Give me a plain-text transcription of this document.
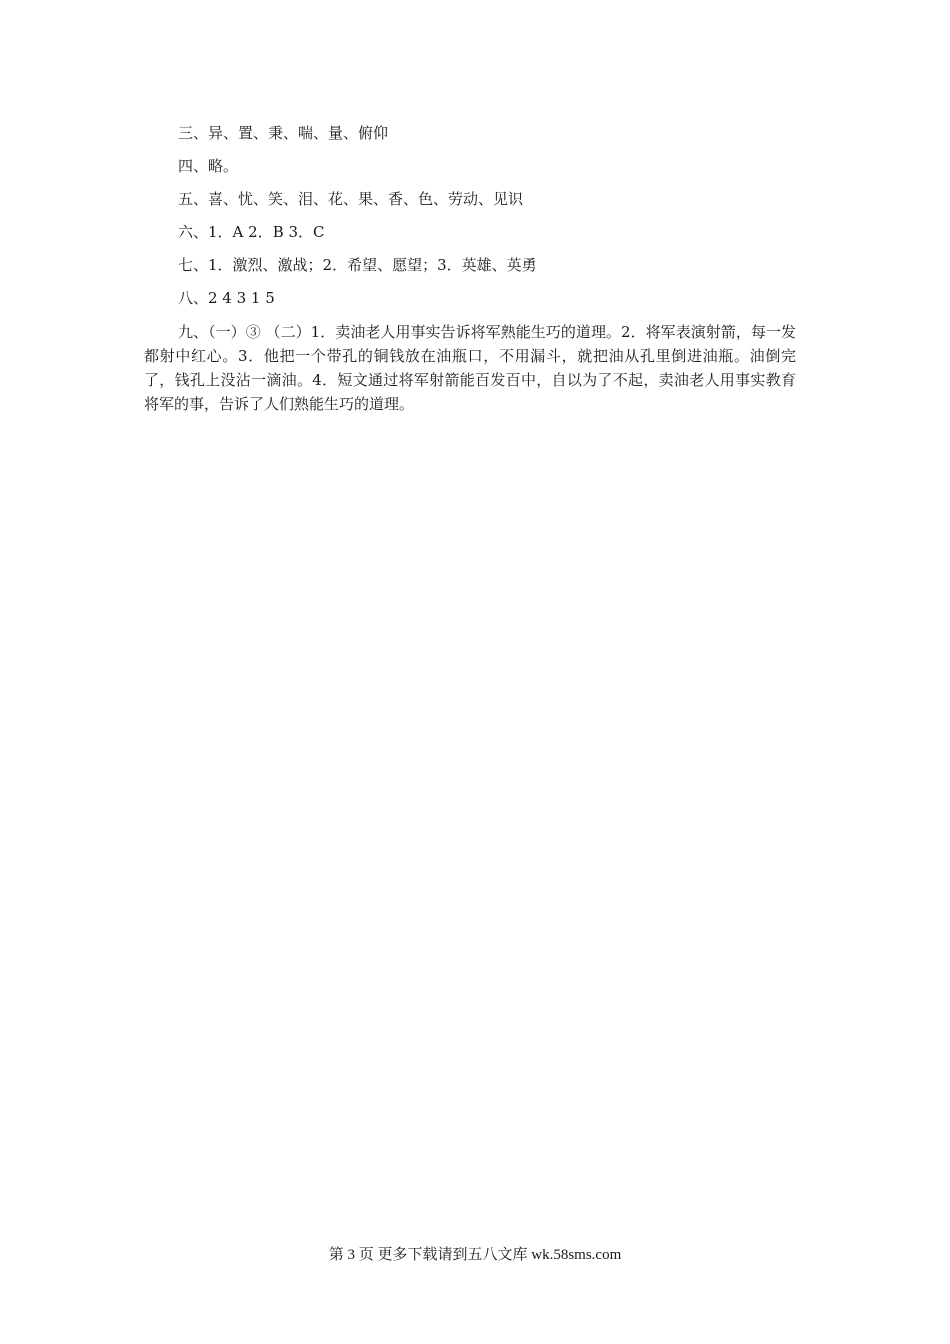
三、异、置、秉、喘、量、俯仰
四、略。
五、喜、忧、笑、泪、花、果、香、色、劳动、见识
六、1．A 2．B 3．C
七、1．激烈、激战；2．希望、愿望；3．英雄、英勇
八、2 4 3 1 5

九、（一）③ （二）1．卖油老人用事实告诉将军熟能生巧的道理。2．将军表演射箭，每一发都射中红心。3．他把一个带孔的铜钱放在油瓶口，不用漏斗，就把油从孔里倒进油瓶。油倒完了，钱孔上没沾一滴油。4．短文通过将军射箭能百发百中，自以为了不起，卖油老人用事实教育将军的事，告诉了人们熟能生巧的道理。

第 3 页 更多下载请到五八文库 wk.58sms.com
